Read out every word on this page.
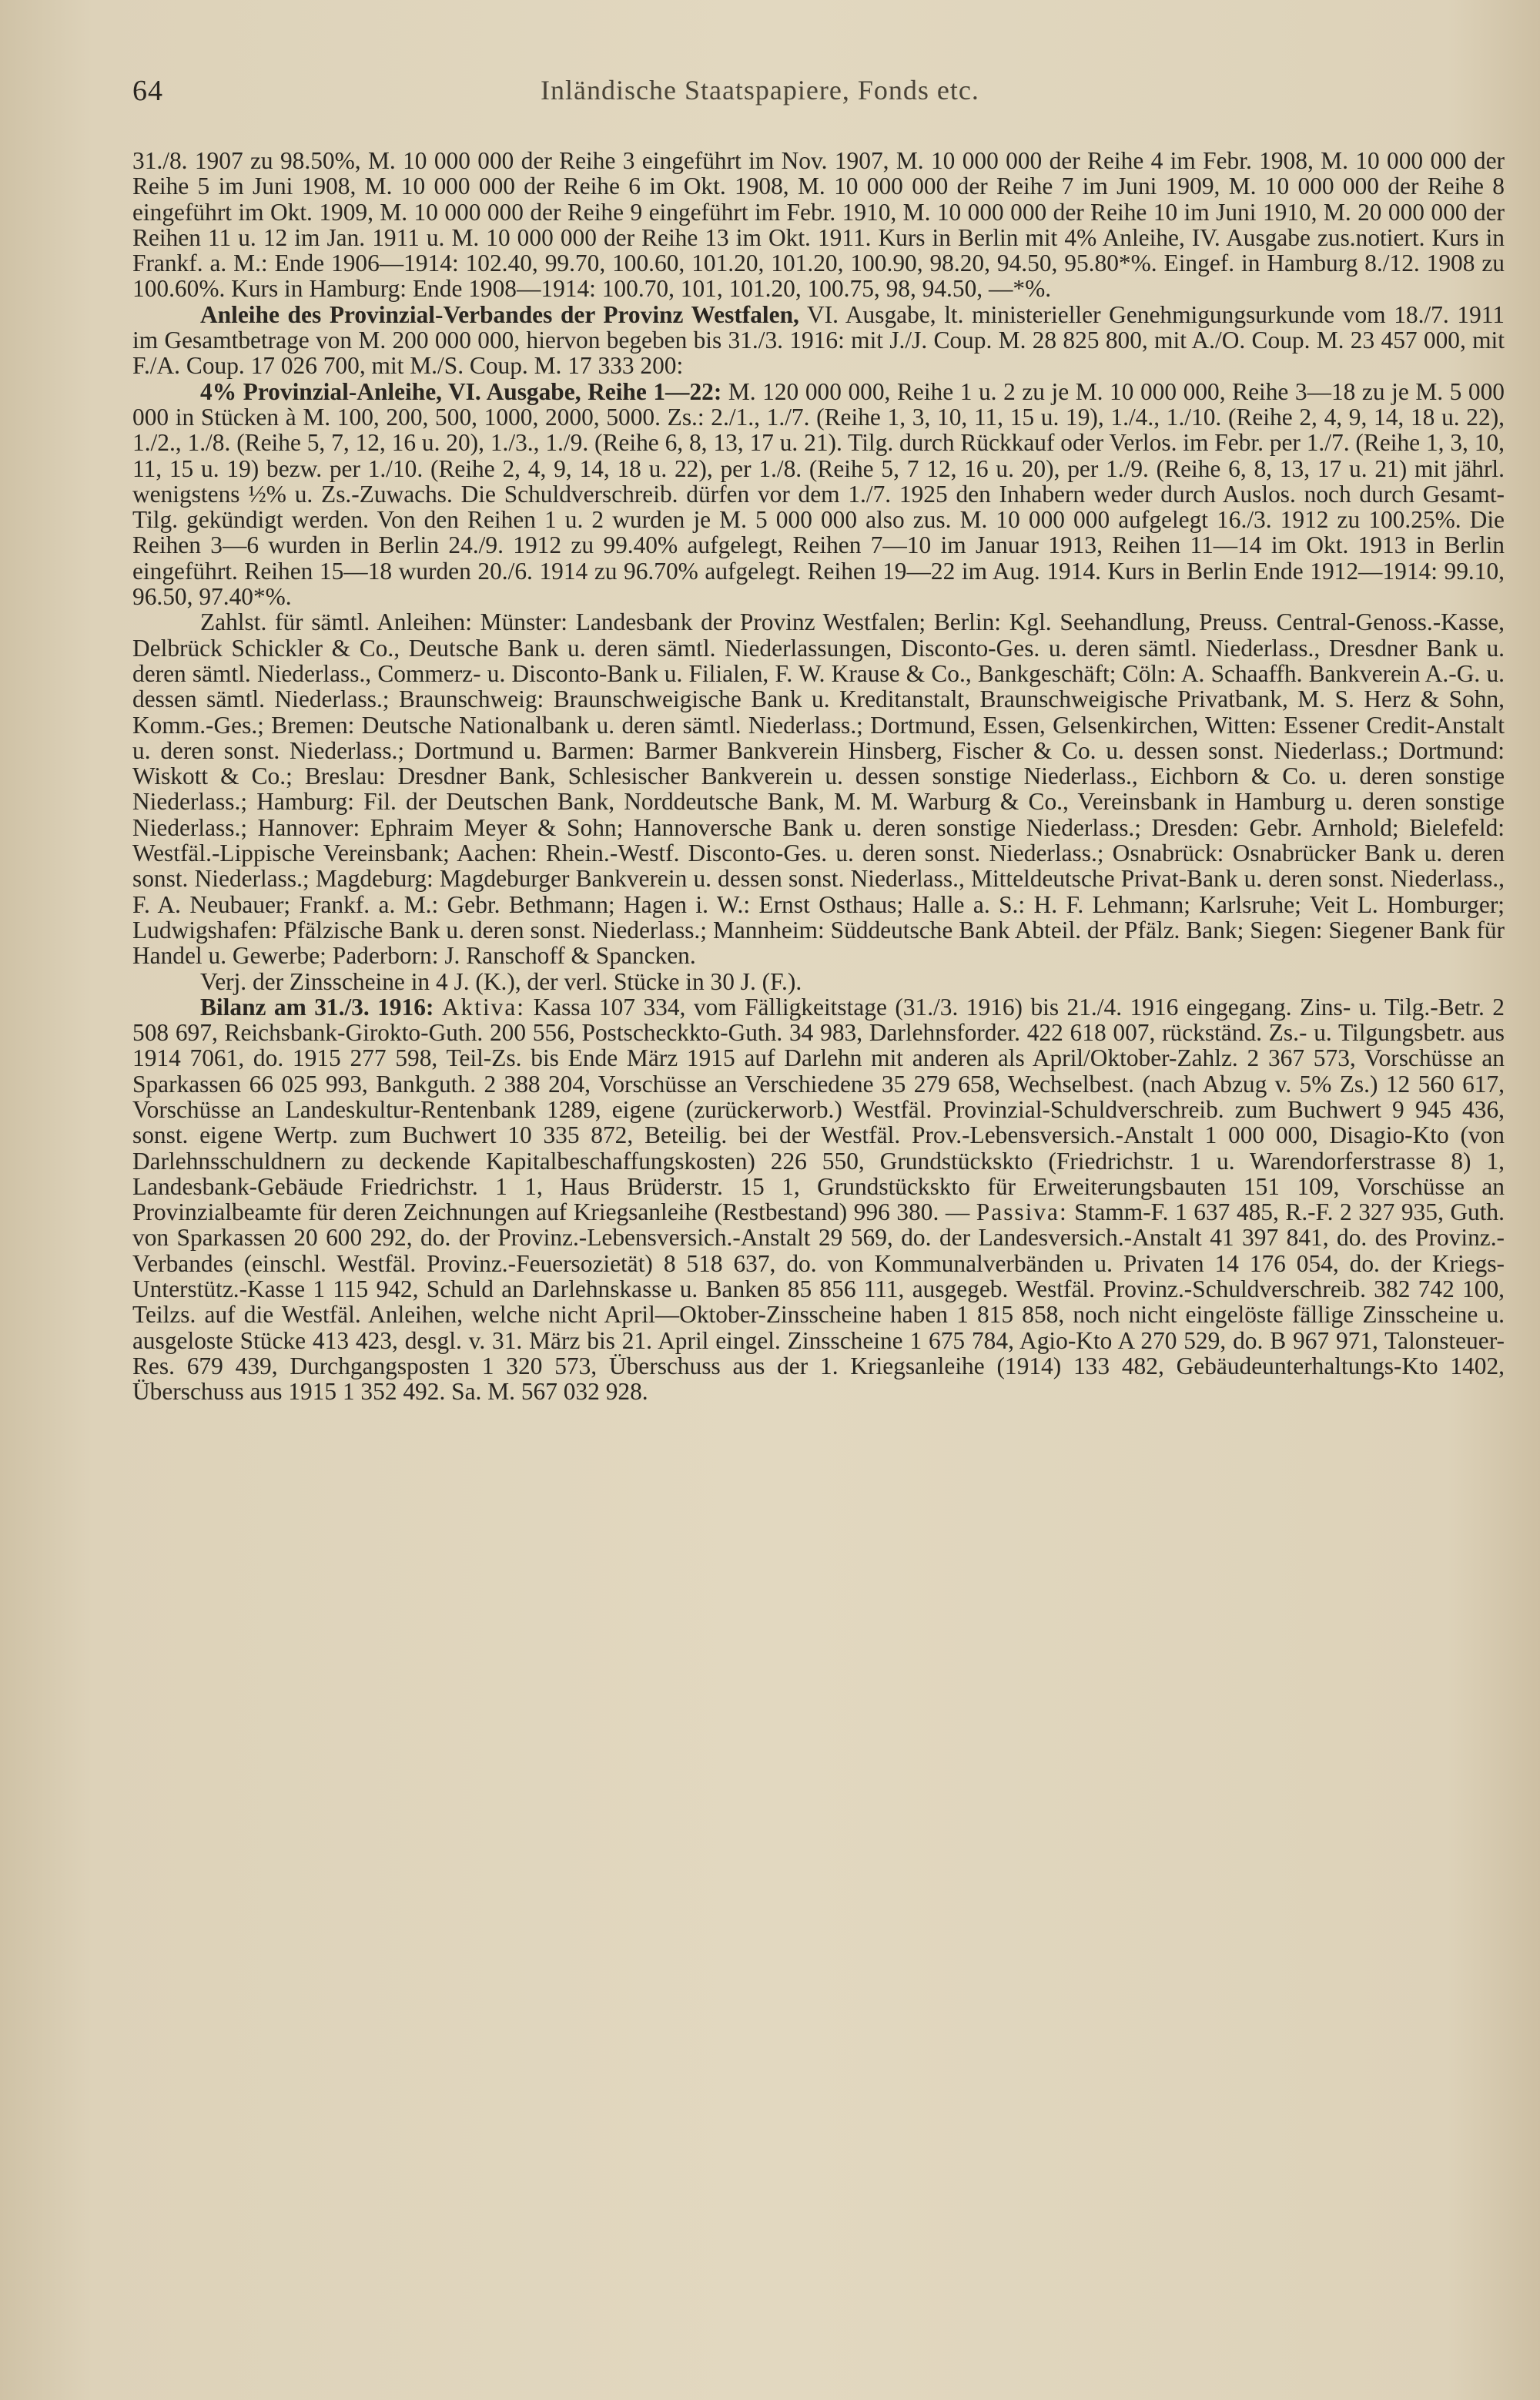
64	Inländische Staatspapiere, Fonds etc.

31./8. 1907 zu 98.50%, M. 10 000 000 der Reihe 3 eingeführt im Nov. 1907, M. 10 000 000 der Reihe 4 im Febr. 1908, M. 10 000 000 der Reihe 5 im Juni 1908, M. 10 000 000 der Reihe 6 im Okt. 1908, M. 10 000 000 der Reihe 7 im Juni 1909, M. 10 000 000 der Reihe 8 eingeführt im Okt. 1909, M. 10 000 000 der Reihe 9 eingeführt im Febr. 1910, M. 10 000 000 der Reihe 10 im Juni 1910, M. 20 000 000 der Reihen 11 u. 12 im Jan. 1911 u. M. 10 000 000 der Reihe 13 im Okt. 1911. Kurs in Berlin mit 4% Anleihe, IV. Ausgabe zus.notiert. Kurs in Frankf. a. M.: Ende 1906—1914: 102.40, 99.70, 100.60, 101.20, 101.20, 100.90, 98.20, 94.50, 95.80*%. Eingef. in Hamburg 8./12. 1908 zu 100.60%. Kurs in Hamburg: Ende 1908—1914: 100.70, 101, 101.20, 100.75, 98, 94.50, —*%.

Anleihe des Provinzial-Verbandes der Provinz Westfalen, VI. Ausgabe, lt. ministerieller Genehmigungsurkunde vom 18./7. 1911 im Gesamtbetrage von M. 200 000 000, hiervon begeben bis 31./3. 1916: mit J./J. Coup. M. 28 825 800, mit A./O. Coup. M. 23 457 000, mit F./A. Coup. 17 026 700, mit M./S. Coup. M. 17 333 200:

4% Provinzial-Anleihe, VI. Ausgabe, Reihe 1—22: M. 120 000 000, Reihe 1 u. 2 zu je M. 10 000 000, Reihe 3—18 zu je M. 5 000 000 in Stücken à M. 100, 200, 500, 1000, 2000, 5000. Zs.: 2./1., 1./7. (Reihe 1, 3, 10, 11, 15 u. 19), 1./4., 1./10. (Reihe 2, 4, 9, 14, 18 u. 22), 1./2., 1./8. (Reihe 5, 7, 12, 16 u. 20), 1./3., 1./9. (Reihe 6, 8, 13, 17 u. 21). Tilg. durch Rückkauf oder Verlos. im Febr. per 1./7. (Reihe 1, 3, 10, 11, 15 u. 19) bezw. per 1./10. (Reihe 2, 4, 9, 14, 18 u. 22), per 1./8. (Reihe 5, 7 12, 16 u. 20), per 1./9. (Reihe 6, 8, 13, 17 u. 21) mit jährl. wenigstens ½% u. Zs.-Zuwachs. Die Schuldverschreib. dürfen vor dem 1./7. 1925 den Inhabern weder durch Auslos. noch durch Gesamt-Tilg. gekündigt werden. Von den Reihen 1 u. 2 wurden je M. 5 000 000 also zus. M. 10 000 000 aufgelegt 16./3. 1912 zu 100.25%. Die Reihen 3—6 wurden in Berlin 24./9. 1912 zu 99.40% aufgelegt, Reihen 7—10 im Januar 1913, Reihen 11—14 im Okt. 1913 in Berlin eingeführt. Reihen 15—18 wurden 20./6. 1914 zu 96.70% aufgelegt. Reihen 19—22 im Aug. 1914. Kurs in Berlin Ende 1912—1914: 99.10, 96.50, 97.40*%.

Zahlst. für sämtl. Anleihen: Münster: Landesbank der Provinz Westfalen; Berlin: Kgl. Seehandlung, Preuss. Central-Genoss.-Kasse, Delbrück Schickler & Co., Deutsche Bank u. deren sämtl. Niederlassungen, Disconto-Ges. u. deren sämtl. Niederlass., Dresdner Bank u. deren sämtl. Niederlass., Commerz- u. Disconto-Bank u. Filialen, F. W. Krause & Co., Bankgeschäft; Cöln: A. Schaaffh. Bankverein A.-G. u. dessen sämtl. Niederlass.; Braunschweig: Braunschweigische Bank u. Kreditanstalt, Braunschweigische Privatbank, M. S. Herz & Sohn, Komm.-Ges.; Bremen: Deutsche Nationalbank u. deren sämtl. Niederlass.; Dortmund, Essen, Gelsenkirchen, Witten: Essener Credit-Anstalt u. deren sonst. Niederlass.; Dortmund u. Barmen: Barmer Bankverein Hinsberg, Fischer & Co. u. dessen sonst. Niederlass.; Dortmund: Wiskott & Co.; Breslau: Dresdner Bank, Schlesischer Bankverein u. dessen sonstige Niederlass., Eichborn & Co. u. deren sonstige Niederlass.; Hamburg: Fil. der Deutschen Bank, Norddeutsche Bank, M. M. Warburg & Co., Vereinsbank in Hamburg u. deren sonstige Niederlass.; Hannover: Ephraim Meyer & Sohn; Hannoversche Bank u. deren sonstige Niederlass.; Dresden: Gebr. Arnhold; Bielefeld: Westfäl.-Lippische Vereinsbank; Aachen: Rhein.-Westf. Disconto-Ges. u. deren sonst. Niederlass.; Osnabrück: Osnabrücker Bank u. deren sonst. Niederlass.; Magdeburg: Magdeburger Bankverein u. dessen sonst. Niederlass., Mitteldeutsche Privat-Bank u. deren sonst. Niederlass., F. A. Neubauer; Frankf. a. M.: Gebr. Bethmann; Hagen i. W.: Ernst Osthaus; Halle a. S.: H. F. Lehmann; Karlsruhe; Veit L. Homburger; Ludwigshafen: Pfälzische Bank u. deren sonst. Niederlass.; Mannheim: Süddeutsche Bank Abteil. der Pfälz. Bank; Siegen: Siegener Bank für Handel u. Gewerbe; Paderborn: J. Ranschoff & Spancken.

Verj. der Zinsscheine in 4 J. (K.), der verl. Stücke in 30 J. (F.).

Bilanz am 31./3. 1916: Aktiva: Kassa 107 334, vom Fälligkeitstage (31./3. 1916) bis 21./4. 1916 eingegang. Zins- u. Tilg.-Betr. 2 508 697, Reichsbank-Girokto-Guth. 200 556, Postscheckkto-Guth. 34 983, Darlehnsforder. 422 618 007, rückständ. Zs.- u. Tilgungsbetr. aus 1914 7061, do. 1915 277 598, Teil-Zs. bis Ende März 1915 auf Darlehn mit anderen als April/Oktober-Zahlz. 2 367 573, Vorschüsse an Sparkassen 66 025 993, Bankguth. 2 388 204, Vorschüsse an Verschiedene 35 279 658, Wechselbest. (nach Abzug v. 5% Zs.) 12 560 617, Vorschüsse an Landeskultur-Rentenbank 1289, eigene (zurückerworb.) Westfäl. Provinzial-Schuldverschreib. zum Buchwert 9 945 436, sonst. eigene Wertp. zum Buchwert 10 335 872, Beteilig. bei der Westfäl. Prov.-Lebensversich.-Anstalt 1 000 000, Disagio-Kto (von Darlehnsschuldnern zu deckende Kapitalbeschaffungskosten) 226 550, Grundstückskto (Friedrichstr. 1 u. Warendorferstrasse 8) 1, Landesbank-Gebäude Friedrichstr. 1 1, Haus Brüderstr. 15 1, Grundstückskto für Erweiterungsbauten 151 109, Vorschüsse an Provinzialbeamte für deren Zeichnungen auf Kriegsanleihe (Restbestand) 996 380. — Passiva: Stamm-F. 1 637 485, R.-F. 2 327 935, Guth. von Sparkassen 20 600 292, do. der Provinz.-Lebensversich.-Anstalt 29 569, do. der Landesversich.-Anstalt 41 397 841, do. des Provinz.-Verbandes (einschl. Westfäl. Provinz.-Feuersozietät) 8 518 637, do. von Kommunalverbänden u. Privaten 14 176 054, do. der Kriegs-Unterstütz.-Kasse 1 115 942, Schuld an Darlehnskasse u. Banken 85 856 111, ausgegeb. Westfäl. Provinz.-Schuldverschreib. 382 742 100, Teilzs. auf die Westfäl. Anleihen, welche nicht April—Oktober-Zinsscheine haben 1 815 858, noch nicht eingelöste fällige Zinsscheine u. ausgeloste Stücke 413 423, desgl. v. 31. März bis 21. April eingel. Zinsscheine 1 675 784, Agio-Kto A 270 529, do. B 967 971, Talonsteuer-Res. 679 439, Durchgangsposten 1 320 573, Überschuss aus der 1. Kriegsanleihe (1914) 133 482, Gebäudeunterhaltungs-Kto 1402, Überschuss aus 1915 1 352 492. Sa. M. 567 032 928.
